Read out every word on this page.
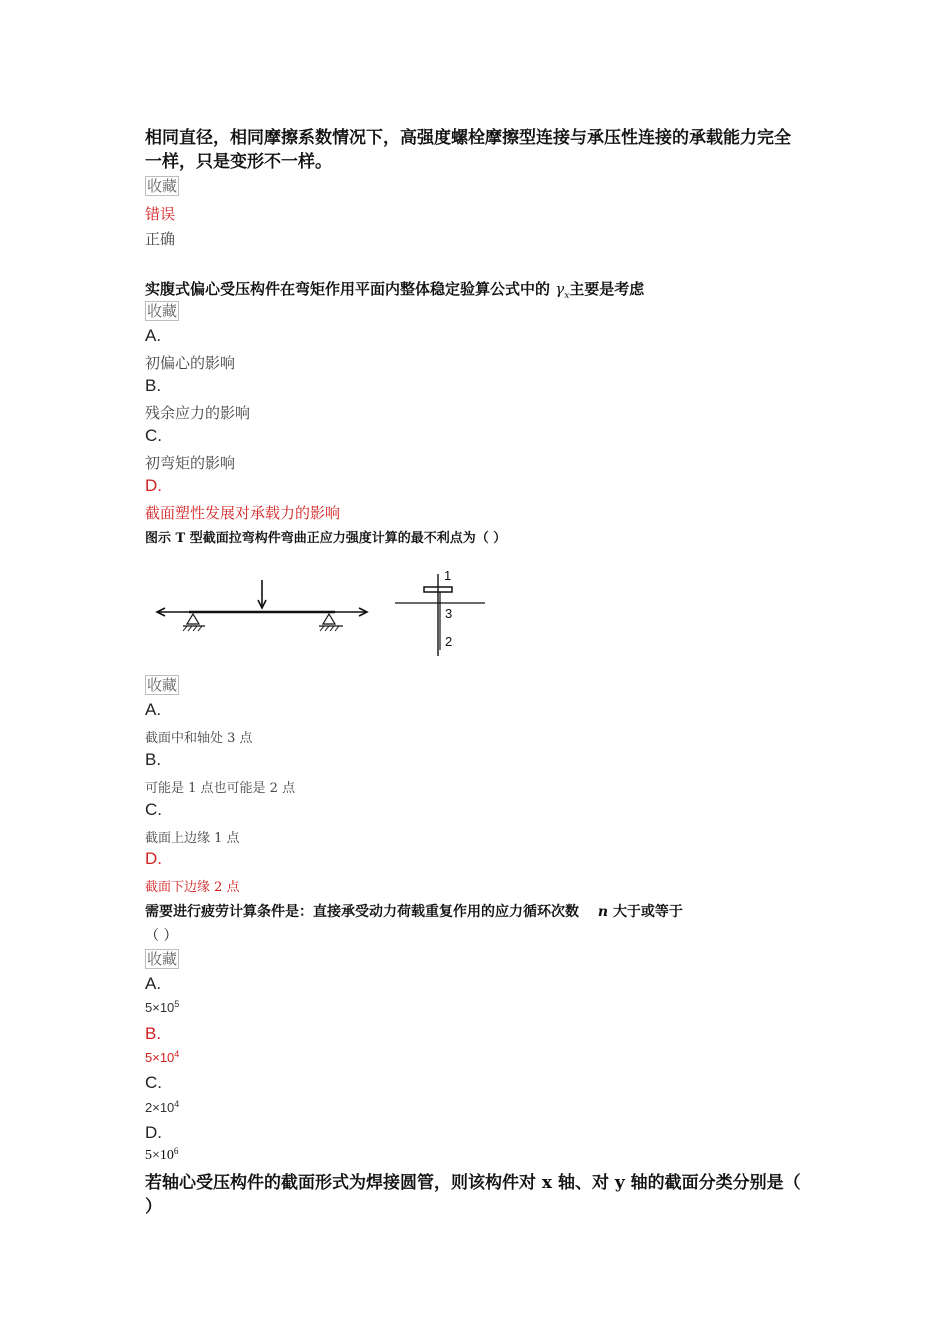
相同直径，相同摩擦系数情况下，高强度螺栓摩擦型连接与承压性连接的承载能力完全一样，只是变形不一样。
收藏
错误
正确
实腹式偏心受压构件在弯矩作用平面内整体稳定验算公式中的 $\gamma_x$主要是考虑
收藏
A.
初偏心的影响
B.
残余应力的影响
C.
初弯矩的影响
D.
截面塑性发展对承载力的影响
图示 T 型截面拉弯构件弯曲正应力强度计算的最不利点为（ ）
1
3
2
收藏
A.
截面中和轴处 3 点
B.
可能是 1 点也可能是 2 点
C.
截面上边缘 1 点
D.
截面下边缘 2 点
需要进行疲劳计算条件是：直接承受动力荷载重复作用的应力循环次数 n 大于或等于
（ ）
收藏
A.
$5\times 10^5$
B.
$5\times 10^4$
C.
$2\times 10^4$
D.
$5\times 10^6$
若轴心受压构件的截面形式为焊接圆管，则该构件对 x 轴、对 y 轴的截面分类分别是（ ）
